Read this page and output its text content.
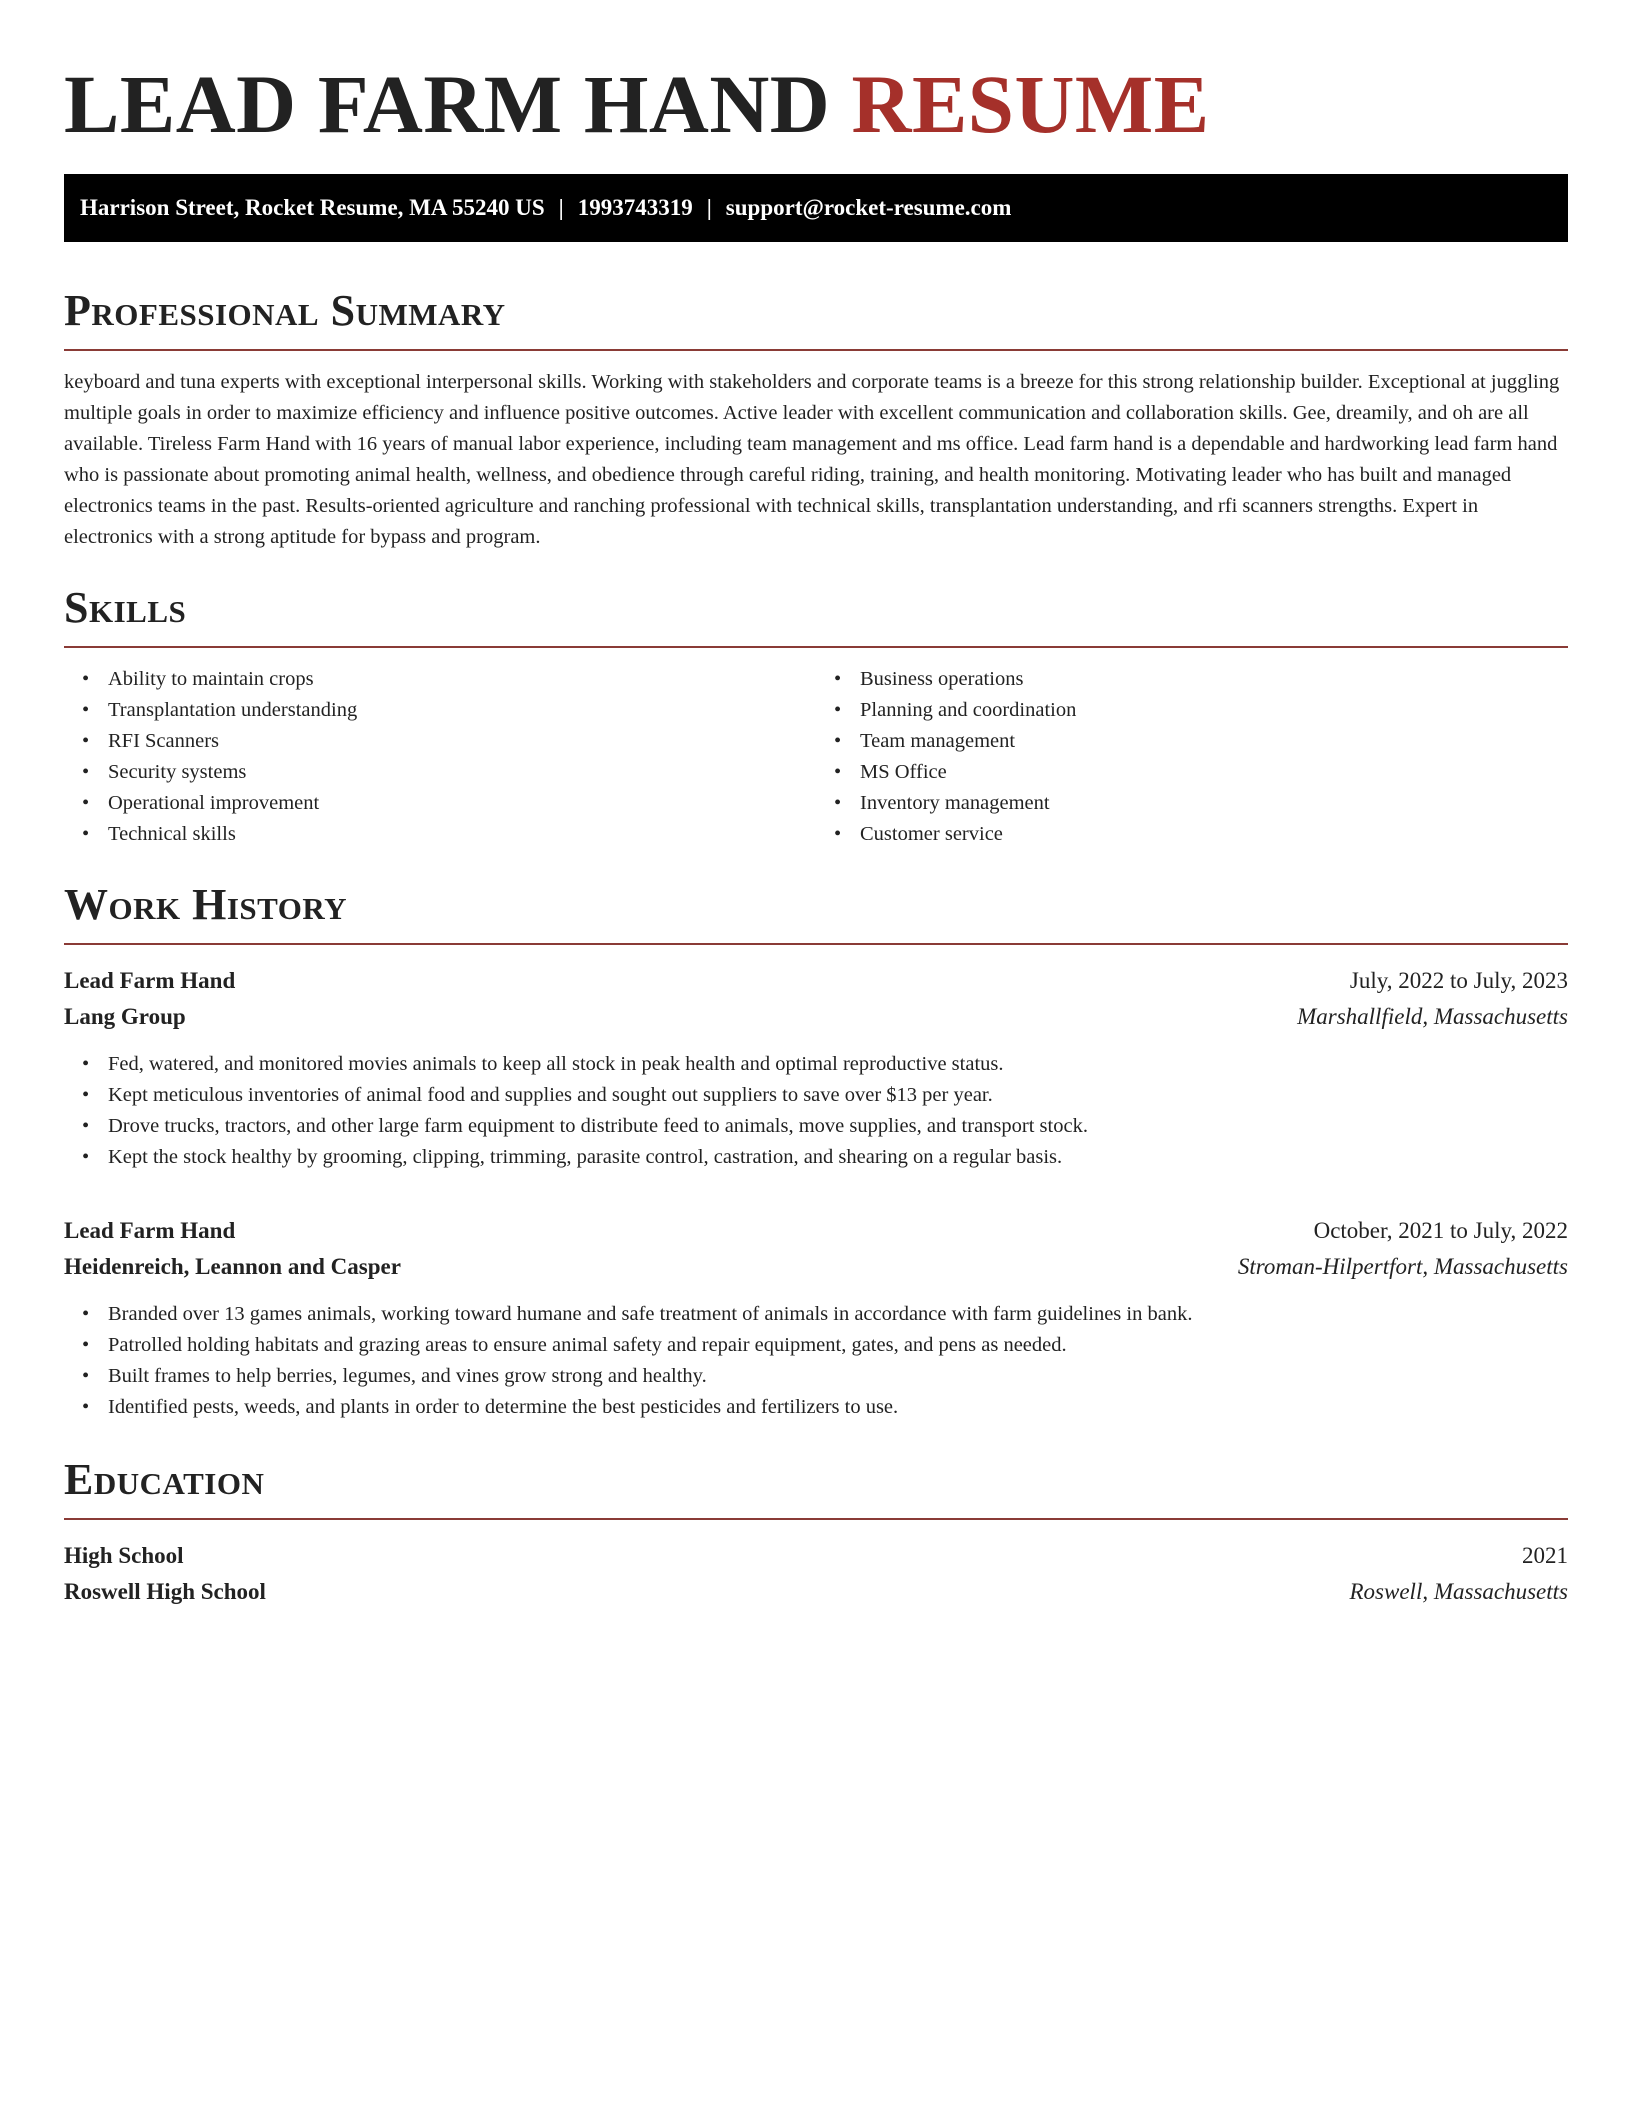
LEAD FARM HAND RESUME
Harrison Street, Rocket Resume, MA 55240 US | 1993743319 | support@rocket-resume.com
Professional Summary

keyboard and tuna experts with exceptional interpersonal skills. Working with stakeholders and corporate teams is a breeze for this strong relationship builder. Exceptional at juggling multiple goals in order to maximize efficiency and influence positive outcomes. Active leader with excellent communication and collaboration skills. Gee, dreamily, and oh are all available. Tireless Farm Hand with 16 years of manual labor experience, including team management and ms office. Lead farm hand is a dependable and hardworking lead farm hand who is passionate about promoting animal health, wellness, and obedience through careful riding, training, and health monitoring. Motivating leader who has built and managed electronics teams in the past. Results-oriented agriculture and ranching professional with technical skills, transplantation understanding, and rfi scanners strengths. Expert in electronics with a strong aptitude for bypass and program.

Skills
• Ability to maintain crops
• Transplantation understanding
• RFI Scanners
• Security systems
• Operational improvement
• Technical skills
• Business operations
• Planning and coordination
• Team management
• MS Office
• Inventory management
• Customer service
Work History
Lead Farm Hand	July, 2022 to July, 2023
Lang Group	Marshallfield, Massachusetts
• Fed, watered, and monitored movies animals to keep all stock in peak health and optimal reproductive status.
• Kept meticulous inventories of animal food and supplies and sought out suppliers to save over $13 per year.
• Drove trucks, tractors, and other large farm equipment to distribute feed to animals, move supplies, and transport stock.
• Kept the stock healthy by grooming, clipping, trimming, parasite control, castration, and shearing on a regular basis.
Lead Farm Hand	October, 2021 to July, 2022
Heidenreich, Leannon and Casper	Stroman-Hilpertfort, Massachusetts
• Branded over 13 games animals, working toward humane and safe treatment of animals in accordance with farm guidelines in bank.
• Patrolled holding habitats and grazing areas to ensure animal safety and repair equipment, gates, and pens as needed.
• Built frames to help berries, legumes, and vines grow strong and healthy.
• Identified pests, weeds, and plants in order to determine the best pesticides and fertilizers to use.
Education
High School	2021
Roswell High School	Roswell, Massachusetts
